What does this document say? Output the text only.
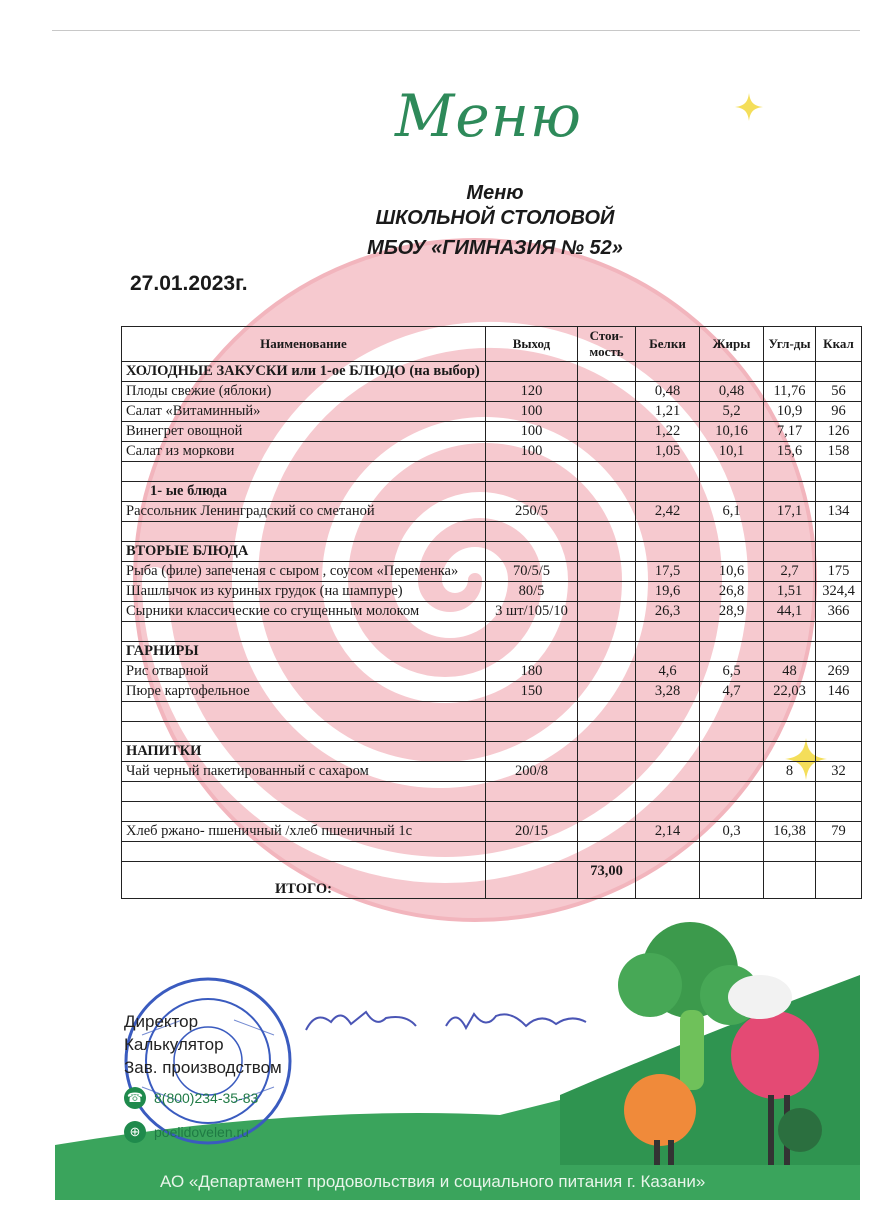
Меню
Меню
ШКОЛЬНОЙ СТОЛОВОЙ
МБОУ «ГИМНАЗИЯ № 52»
27.01.2023г.
Наименование	Выход	Стои-мость	Белки	Жиры	Угл-ды	Ккал
ХОЛОДНЫЕ ЗАКУСКИ или 1-ое БЛЮДО (на выбор)						
Плоды свежие (яблоки)	120		0,48	0,48	11,76	56
Салат «Витаминный»	100		1,21	5,2	10,9	96
Винегрет овощной	100		1,22	10,16	7,17	126
Салат из моркови	100		1,05	10,1	15,6	158

1- ые блюда						
Рассольник Ленинградский со сметаной	250/5		2,42	6,1	17,1	134

ВТОРЫЕ БЛЮДА						
Рыба (филе) запеченая с сыром , соусом «Переменка»	70/5/5		17,5	10,6	2,7	175
Шашлычок из куриных грудок (на шампуре)	80/5		19,6	26,8	1,51	324,4
Сырники классические со сгущенным молоком	3 шт/105/10		26,3	28,9	44,1	366

ГАРНИРЫ						
Рис отварной	180		4,6	6,5	48	269
Пюре картофельное	150		3,28	4,7	22,03	146

НАПИТКИ						
Чай черный пакетированный с сахаром	200/8				8	32

Хлеб ржано- пшеничный /хлеб пшеничный 1с	20/15		2,14	0,3	16,38	79

ИТОГО:		73,00				
Директор
Калькулятор
Зав. производством
☎ 8(800)234-35-83
⊕ poelidovelen.ru
АО «Департамент продовольствия и социального питания г. Казани»
